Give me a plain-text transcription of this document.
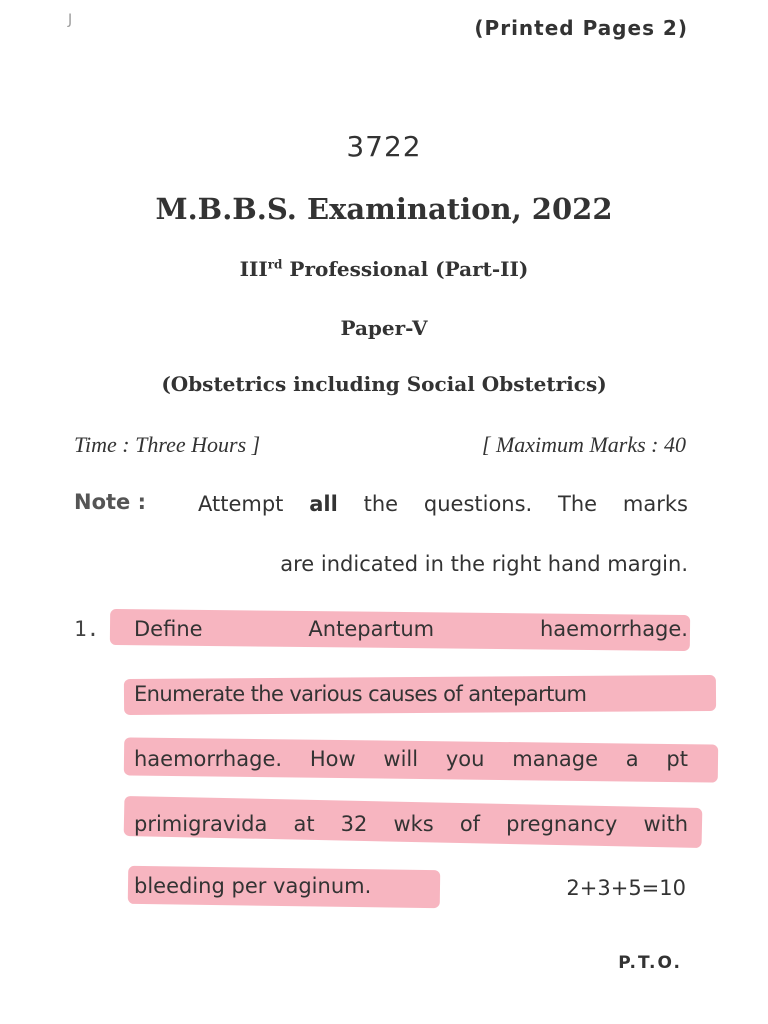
J	(Printed Pages 2)
3722
M.B.B.S. Examination, 2022
IIIrd Professional (Part-II)
Paper-V
(Obstetrics including Social Obstetrics)
Time : Three Hours ]	[ Maximum Marks : 40
Note : Attempt all the questions. The marks
are indicated in the right hand margin.
1. Define Antepartum haemorrhage.
Enumerate the various causes of antepartum
haemorrhage. How will you manage a pt
primigravida at 32 wks of pregnancy with
bleeding per vaginum.	2+3+5=10
P.T.O.
